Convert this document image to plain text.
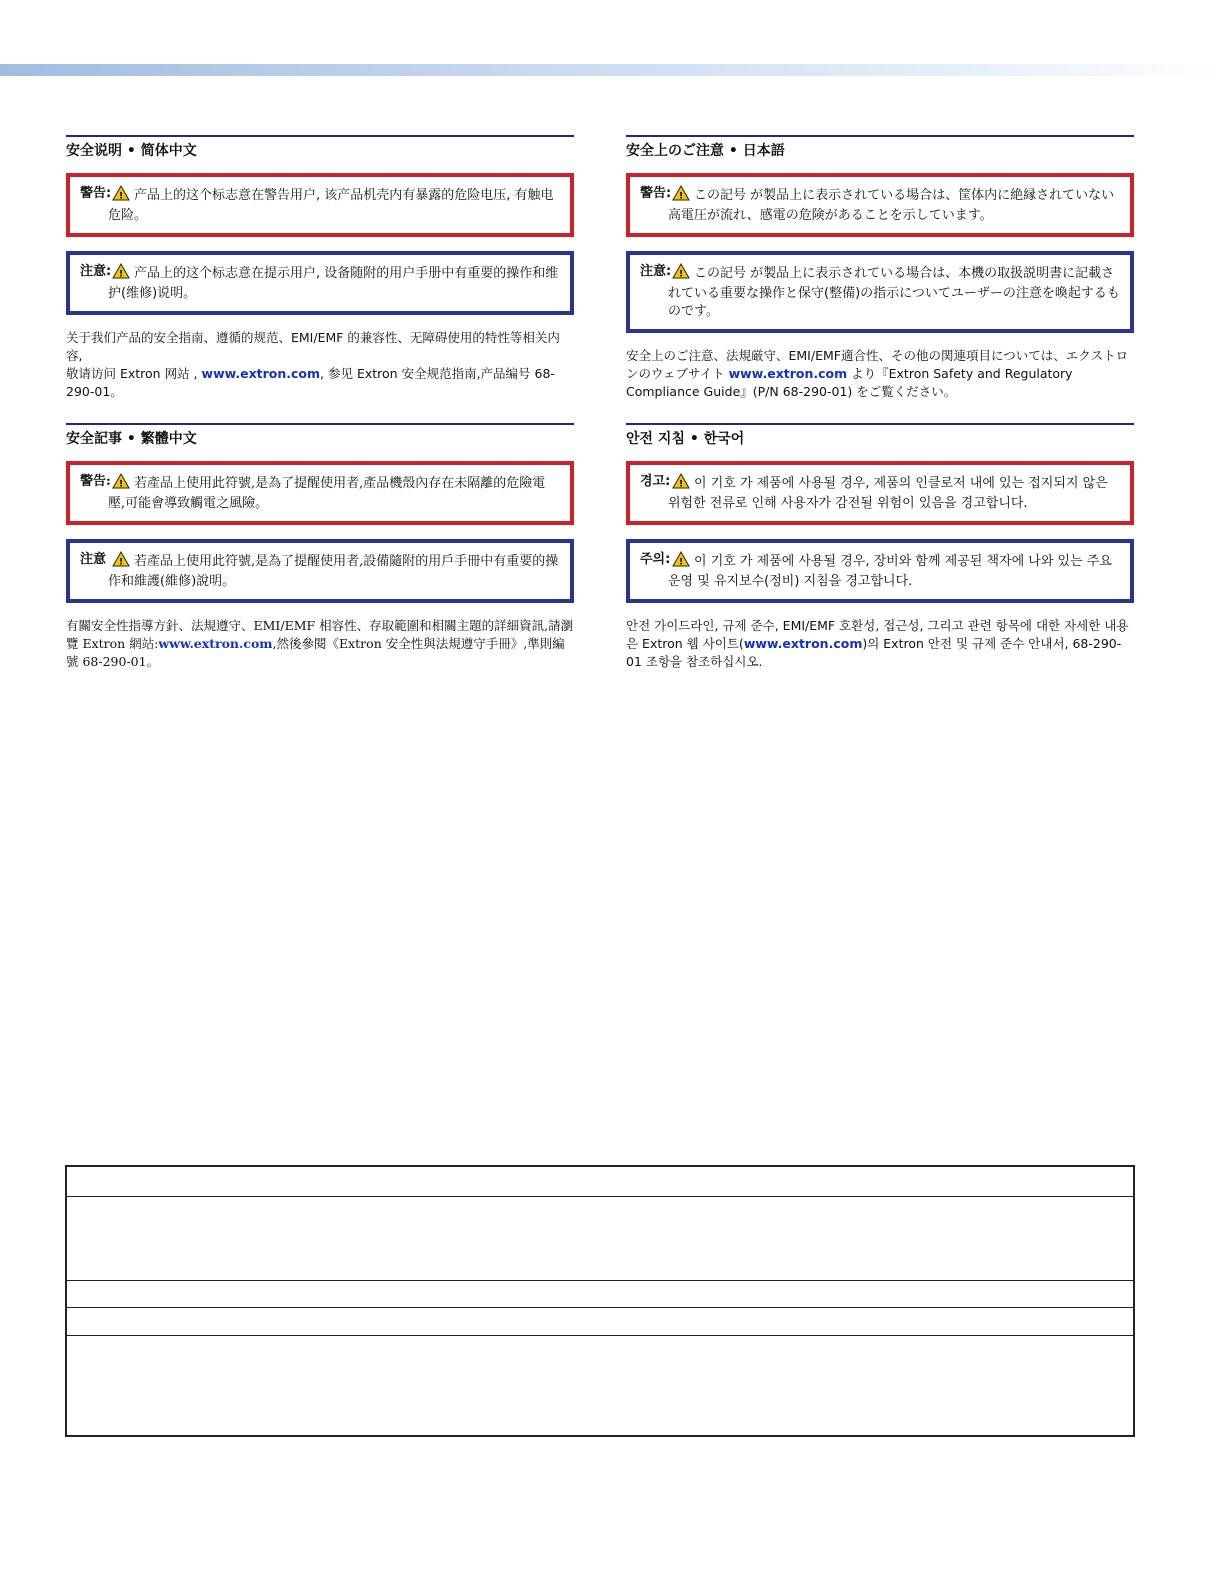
安全说明 • 简体中文
警告: ! 产品上的这个标志意在警告用户, 该产品机壳内有暴露的危险电压, 有触电危险。
注意: ! 产品上的这个标志意在提示用户, 设备随附的用户手册中有重要的操作和维护(维修)说明。

关于我们产品的安全指南、遵循的规范、EMI/EMF 的兼容性、无障碍使用的特性等相关内容,
敬请访问 Extron 网站 , www.extron.com, 参见 Extron 安全规范指南,产品编号 68-290-01。

安全記事 • 繁體中文
警告: ! 若產品上使用此符號,是為了提醒使用者,產品機殼內存在未隔離的危險電壓,可能會導致觸電之風險。
注意 ! 若產品上使用此符號,是為了提醒使用者,設備隨附的用戶手冊中有重要的操作和維護(維修)說明。

有關安全性指導方針、法規遵守、EMI/EMF 相容性、存取範圍和相關主題的詳細資訊,請瀏覽 Extron 網站:www.extron.com,然後參閱《Extron 安全性與法規遵守手冊》,準則編號 68-290-01。

安全上のご注意 • 日本語
警告: ! この記号 が製品上に表示されている場合は、筐体内に絶縁されていない高電圧が流れ、感電の危険があることを示しています。
注意: ! この記号 が製品上に表示されている場合は、本機の取扱説明書に記載されている重要な操作と保守(整備)の指示についてユーザーの注意を喚起するものです。

安全上のご注意、法規厳守、EMI/EMF適合性、その他の関連項目については、エクストロンのウェブサイト www.extron.com より『Extron Safety and Regulatory Compliance Guide』(P/N 68-290-01) をご覧ください。

안전 지침 • 한국어
경고: ! 이 기호 가 제품에 사용될 경우, 제품의 인클로저 내에 있는 접지되지 않은 위험한 전류로 인해 사용자가 감전될 위험이 있음을 경고합니다.
주의: ! 이 기호 가 제품에 사용될 경우, 장비와 함께 제공된 책자에 나와 있는 주요 운영 및 유지보수(정비) 지침을 경고합니다.

안전 가이드라인, 규제 준수, EMI/EMF 호환성, 접근성, 그리고 관련 항목에 대한 자세한 내용은 Extron 웹 사이트(www.extron.com)의 Extron 안전 및 규제 준수 안내서, 68-290-01 조항을 참조하십시오.
